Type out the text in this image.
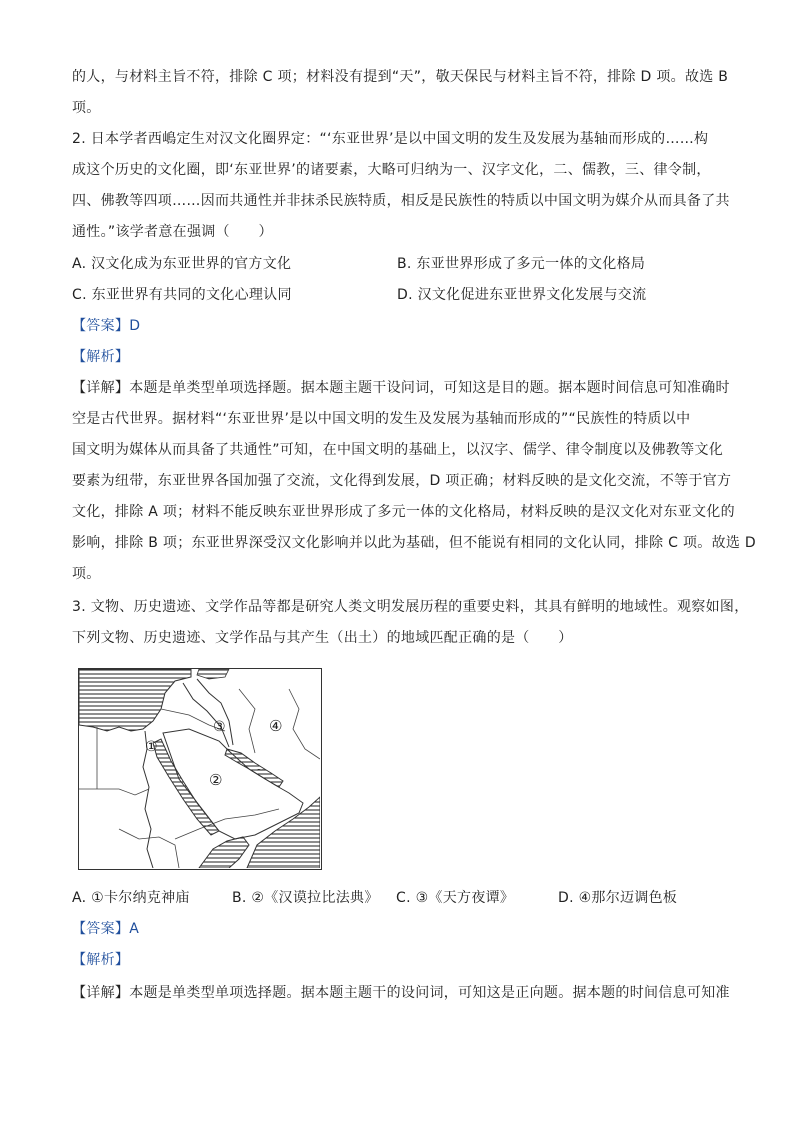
的人，与材料主旨不符，排除 C 项；材料没有提到“天”，敬天保民与材料主旨不符，排除 D 项。故选 B
项。
2. 日本学者西嶋定生对汉文化圈界定：“‘东亚世界’是以中国文明的发生及发展为基轴而形成的……构
成这个历史的文化圈，即‘东亚世界’的诸要素，大略可归纳为一、汉字文化，二、儒教，三、律令制，
四、佛教等四项……因而共通性并非抹杀民族特质，相反是民族性的特质以中国文明为媒介从而具备了共
通性。”该学者意在强调（　　）
A. 汉文化成为东亚世界的官方文化	B. 东亚世界形成了多元一体的文化格局
C. 东亚世界有共同的文化心理认同	D. 汉文化促进东亚世界文化发展与交流
【答案】D
【解析】
【详解】本题是单类型单项选择题。据本题主题干设问词，可知这是目的题。据本题时间信息可知准确时
空是古代世界。据材料“‘东亚世界’是以中国文明的发生及发展为基轴而形成的”“民族性的特质以中
国文明为媒体从而具备了共通性”可知，在中国文明的基础上，以汉字、儒学、律令制度以及佛教等文化
要素为纽带，东亚世界各国加强了交流，文化得到发展，D 项正确；材料反映的是文化交流，不等于官方
文化，排除 A 项；材料不能反映东亚世界形成了多元一体的文化格局，材料反映的是汉文化对东亚文化的
影响，排除 B 项；东亚世界深受汉文化影响并以此为基础，但不能说有相同的文化认同，排除 C 项。故选 D
项。
3. 文物、历史遗迹、文学作品等都是研究人类文明发展历程的重要史料，其具有鲜明的地域性。观察如图，
下列文物、历史遗迹、文学作品与其产生（出土）的地域匹配正确的是（　　）
①
②
③	④
~
A. ①卡尔纳克神庙	B. ②《汉谟拉比法典》 C. ③《天方夜谭》	D. ④那尔迈调色板
【答案】A
【解析】
【详解】本题是单类型单项选择题。据本题主题干的设问词，可知这是正向题。据本题的时间信息可知准
